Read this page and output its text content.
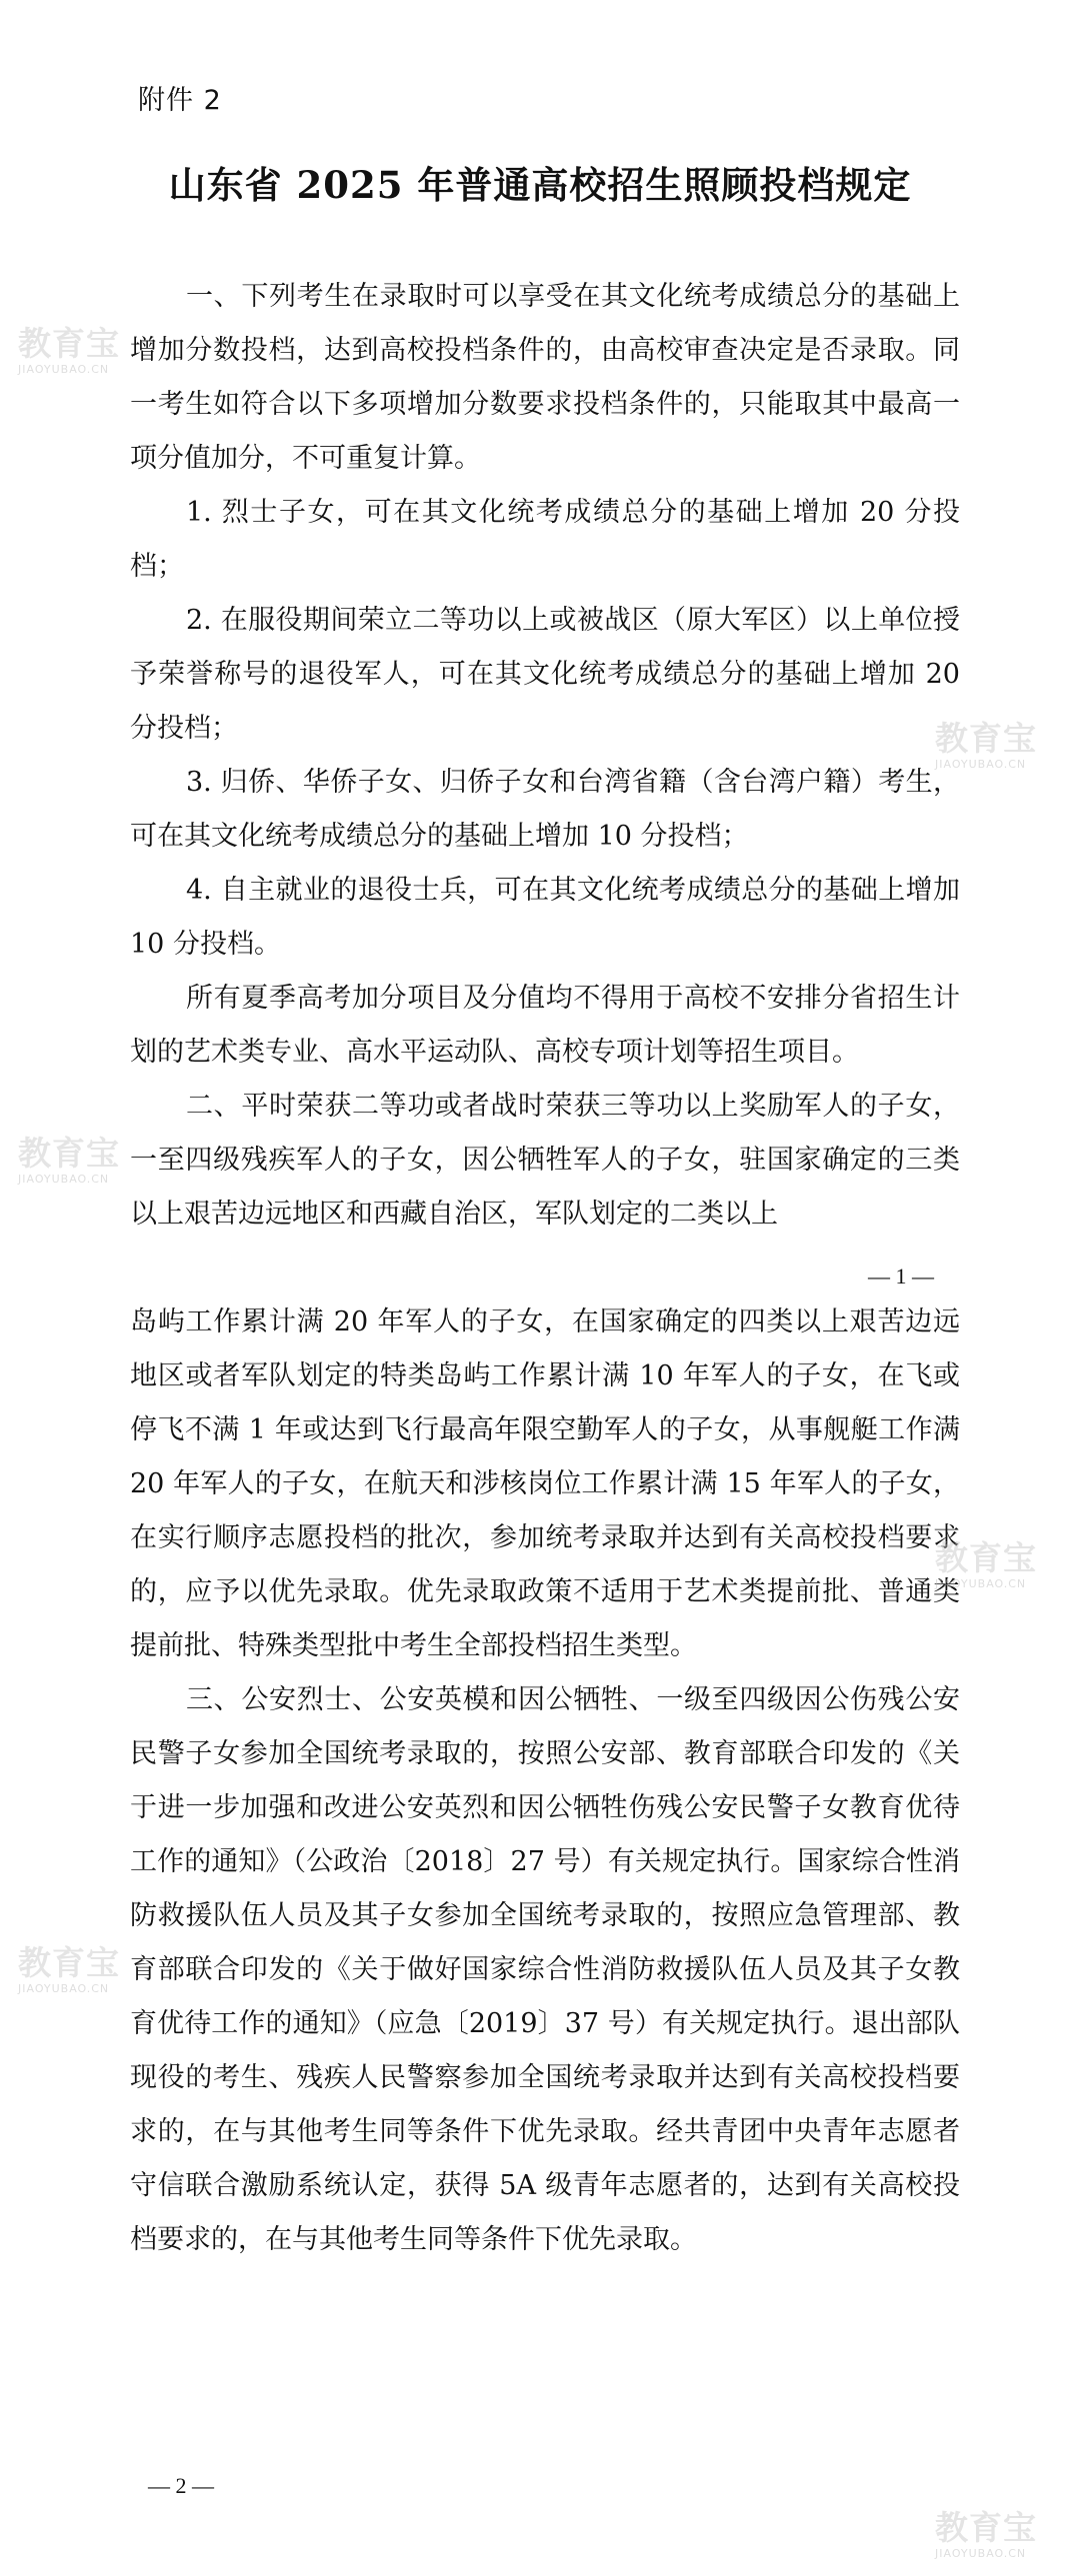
附件 2
山东省 2025 年普通高校招生照顾投档规定

一、下列考生在录取时可以享受在其文化统考成绩总分的基础上增加分数投档，达到高校投档条件的，由高校审查决定是否录取。同一考生如符合以下多项增加分数要求投档条件的，只能取其中最高一项分值加分，不可重复计算。

1. 烈士子女，可在其文化统考成绩总分的基础上增加 20 分投档；

2. 在服役期间荣立二等功以上或被战区（原大军区）以上单位授予荣誉称号的退役军人，可在其文化统考成绩总分的基础上增加 20 分投档；

3. 归侨、华侨子女、归侨子女和台湾省籍（含台湾户籍）考生，可在其文化统考成绩总分的基础上增加 10 分投档；

4. 自主就业的退役士兵，可在其文化统考成绩总分的基础上增加 10 分投档。

所有夏季高考加分项目及分值均不得用于高校不安排分省招生计划的艺术类专业、高水平运动队、高校专项计划等招生项目。

二、平时荣获二等功或者战时荣获三等功以上奖励军人的子女，一至四级残疾军人的子女，因公牺牲军人的子女，驻国家确定的三类以上艰苦边远地区和西藏自治区，军队划定的二类以上

— 1 —

岛屿工作累计满 20 年军人的子女，在国家确定的四类以上艰苦边远地区或者军队划定的特类岛屿工作累计满 10 年军人的子女，在飞或停飞不满 1 年或达到飞行最高年限空勤军人的子女，从事舰艇工作满 20 年军人的子女，在航天和涉核岗位工作累计满 15 年军人的子女，在实行顺序志愿投档的批次，参加统考录取并达到有关高校投档要求的，应予以优先录取。优先录取政策不适用于艺术类提前批、普通类提前批、特殊类型批中考生全部投档招生类型。

三、公安烈士、公安英模和因公牺牲、一级至四级因公伤残公安民警子女参加全国统考录取的，按照公安部、教育部联合印发的《关于进一步加强和改进公安英烈和因公牺牲伤残公安民警子女教育优待工作的通知》（公政治〔2018〕27 号）有关规定执行。国家综合性消防救援队伍人员及其子女参加全国统考录取的，按照应急管理部、教育部联合印发的《关于做好国家综合性消防救援队伍人员及其子女教育优待工作的通知》（应急〔2019〕37 号）有关规定执行。退出部队现役的考生、残疾人民警察参加全国统考录取并达到有关高校投档要求的，在与其他考生同等条件下优先录取。经共青团中央青年志愿者守信联合激励系统认定，获得 5A 级青年志愿者的，达到有关高校投档要求的，在与其他考生同等条件下优先录取。

— 2 —
教育宝
JIAOYUBAO.CN
教育宝
JIAOYUBAO.CN
教育宝
JIAOYUBAO.CN
教育宝
JIAOYUBAO.CN
教育宝
JIAOYUBAO.CN
教育宝
JIAOYUBAO.CN
